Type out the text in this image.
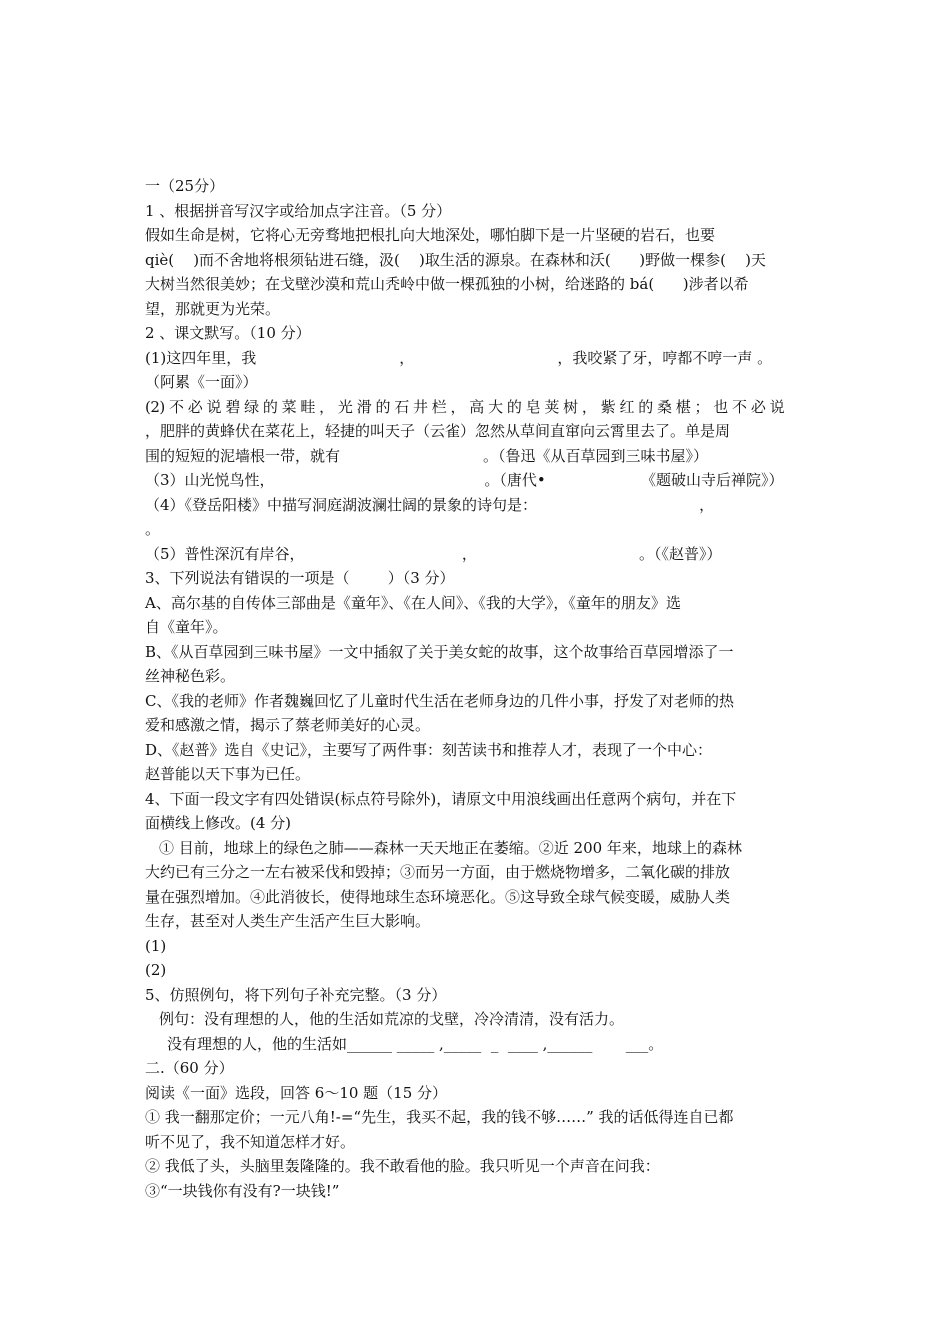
一（25分）
1 、根据拼音写汉字或给加点字注音。（5 分）
假如生命是树，它将心无旁骛地把根扎向大地深处，哪怕脚下是一片坚硬的岩石，也要
qiè(    )而不舍地将根须钻进石缝，汲(    )取生活的源泉。在森林和沃(      )野做一棵参(    )天
大树当然很美妙；在戈壁沙漠和荒山秃岭中做一棵孤独的小树，给迷路的 bá(      )涉者以希
望，那就更为光荣。
2 、课文默写。（10 分）
(1)这四年里，我                              ，                              ，我咬紧了牙，哼都不哼一声 。
（阿累《一面》）
(2) 不 必 说 碧 绿 的 菜 畦 ， 光 滑 的 石 井 栏 ， 高 大 的 皂 荚 树 ， 紫 红 的 桑 椹 ； 也 不 必 说
，肥胖的黄蜂伏在菜花上，轻捷的叫天子（云雀）忽然从草间直窜向云霄里去了。单是周
围的短短的泥墙根一带，就有                              。（鲁迅《从百草园到三味书屋》）
（3）山光悦鸟性，                                            。（唐代•                    《题破山寺后禅院》）
（4）《登岳阳楼》中描写洞庭湖波澜壮阔的景象的诗句是：                                  ，
。
（5）普性深沉有岸谷，                                 ，                                  。（《赵普》）
3、下列说法有错误的一项是（        ）（3 分）
A、高尔基的自传体三部曲是《童年》、《在人间》、《我的大学》，《童年的朋友》选
自《童年》。
B、《从百草园到三味书屋》一文中插叙了关于美女蛇的故事，这个故事给百草园增添了一
丝神秘色彩。
C、《我的老师》作者魏巍回忆了儿童时代生活在老师身边的几件小事，抒发了对老师的热
爱和感激之情，揭示了蔡老师美好的心灵。
D、《赵普》选自《史记》，主要写了两件事：刻苦读书和推荐人才，表现了一个中心：
赵普能以天下事为已任。
4、下面一段文字有四处错误(标点符号除外)，请原文中用浪线画出任意两个病句，并在下
面横线上修改。(4 分)
① 目前，地球上的绿色之肺——森林一天天地正在萎缩。②近 200 年来，地球上的森林
大约已有三分之一左右被采伐和毁掉；③而另一方面，由于燃烧物增多，二氧化碳的排放
量在强烈增加。④此消彼长，使得地球生态环境恶化。⑤这导致全球气候变暖，威胁人类
生存，甚至对人类生产生活产生巨大影响。
(1)
(2)
5、仿照例句，将下列句子补充完整。（3 分）
例句：没有理想的人，他的生活如荒凉的戈壁，冷冷清清，没有活力。
没有理想的人，他的生活如______ _____ ,_____  _  ____ ,______       ___。
二.（60 分）
阅读《一面》选段，回答 6～10 题（15 分）
① 我一翻那定价；一元八角!-=“先生，我买不起，我的钱不够……” 我的话低得连自已都
听不见了，我不知道怎样才好。
② 我低了头，头脑里轰隆隆的。我不敢看他的脸。我只听见一个声音在问我：
③“一块钱你有没有?一块钱!”
